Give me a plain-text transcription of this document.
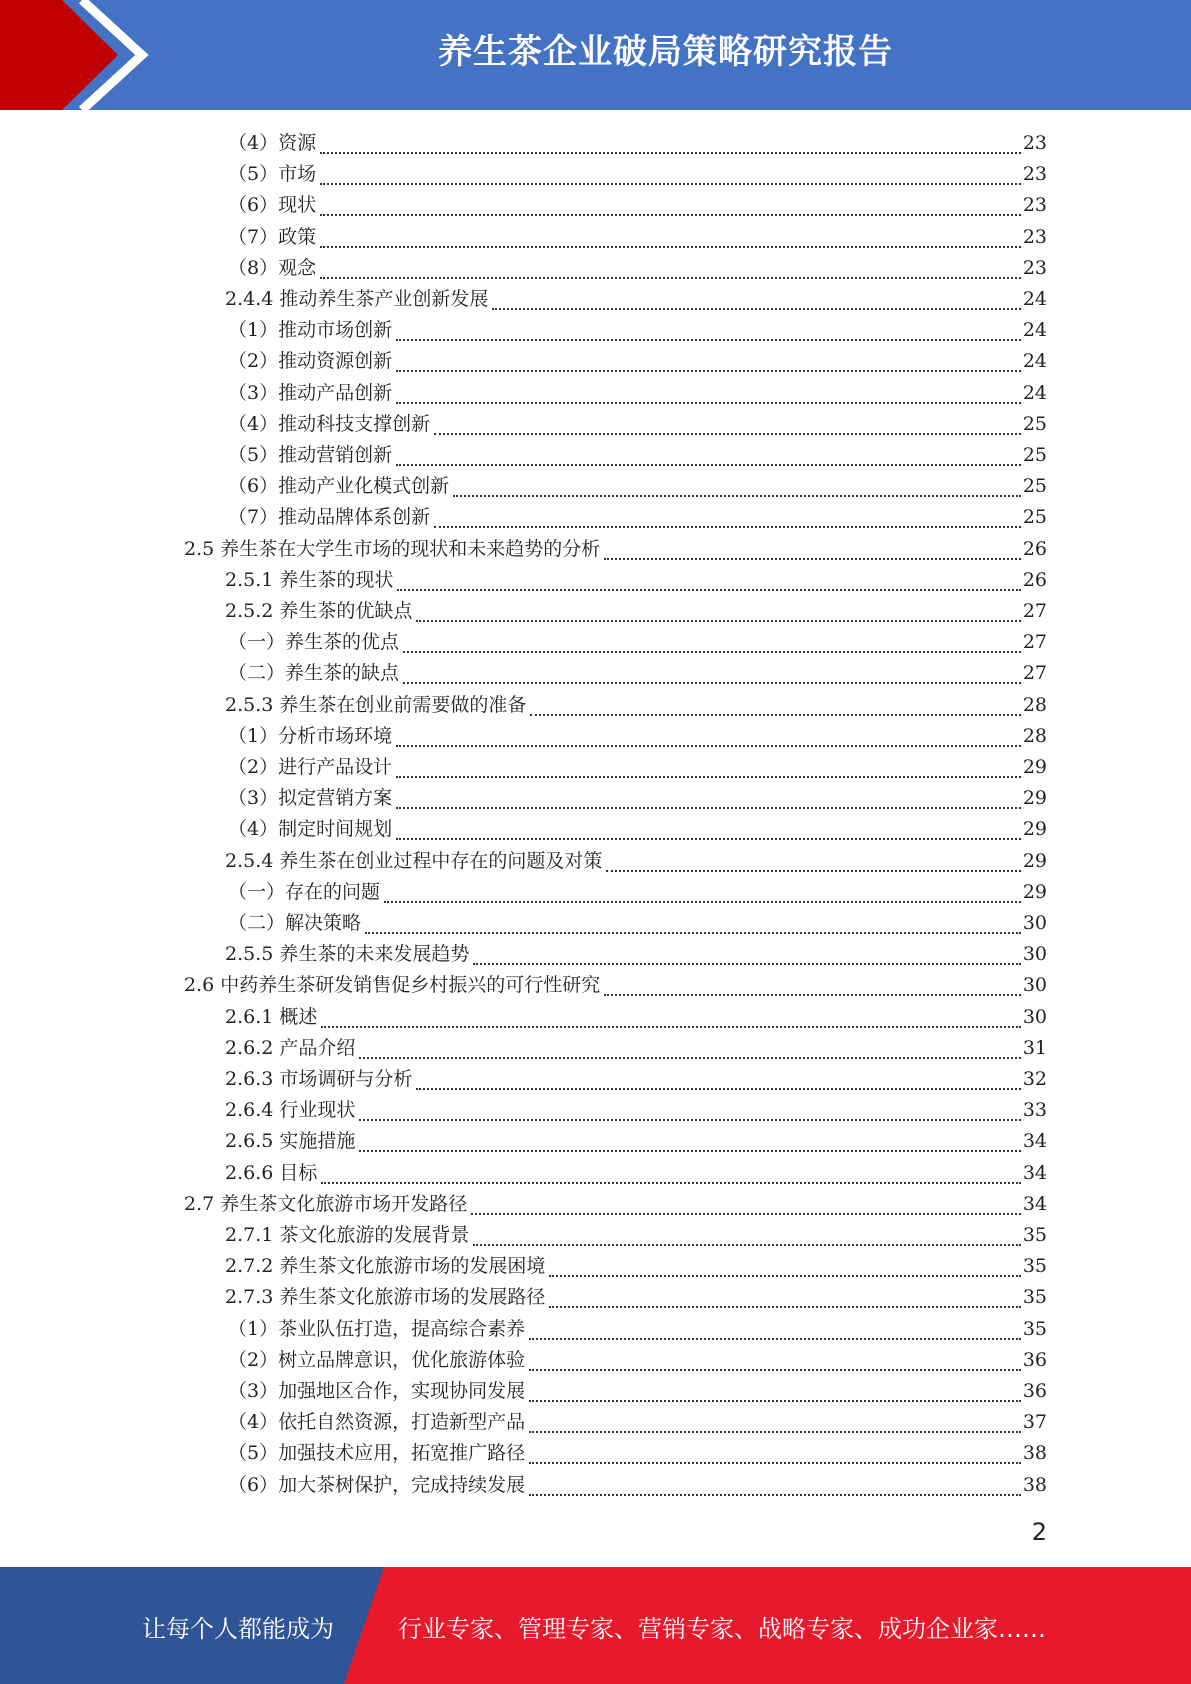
养生茶企业破局策略研究报告
（4）资源	23
（5）市场	23
（6）现状	23
（7）政策	23
（8）观念	23
2.4.4 推动养生茶产业创新发展	24
（1）推动市场创新	24
（2）推动资源创新	24
（3）推动产品创新	24
（4）推动科技支撑创新	25
（5）推动营销创新	25
（6）推动产业化模式创新	25
（7）推动品牌体系创新	25
2.5 养生茶在大学生市场的现状和未来趋势的分析	26
2.5.1 养生茶的现状	26
2.5.2 养生茶的优缺点	27
（一）养生茶的优点	27
（二）养生茶的缺点	27
2.5.3 养生茶在创业前需要做的准备	28
（1）分析市场环境	28
（2）进行产品设计	29
（3）拟定营销方案	29
（4）制定时间规划	29
2.5.4 养生茶在创业过程中存在的问题及对策	29
（一）存在的问题	29
（二）解决策略	30
2.5.5 养生茶的未来发展趋势	30
2.6 中药养生茶研发销售促乡村振兴的可行性研究	30
2.6.1 概述	30
2.6.2 产品介绍	31
2.6.3 市场调研与分析	32
2.6.4 行业现状	33
2.6.5 实施措施	34
2.6.6 目标	34
2.7 养生茶文化旅游市场开发路径	34
2.7.1 茶文化旅游的发展背景	35
2.7.2 养生茶文化旅游市场的发展困境	35
2.7.3 养生茶文化旅游市场的发展路径	35
（1）茶业队伍打造，提高综合素养	35
（2）树立品牌意识，优化旅游体验	36
（3）加强地区合作，实现协同发展	36
（4）依托自然资源，打造新型产品	37
（5）加强技术应用，拓宽推广路径	38
（6）加大茶树保护，完成持续发展	38
2
让每个人都能成为	行业专家、管理专家、营销专家、战略专家、成功企业家……
